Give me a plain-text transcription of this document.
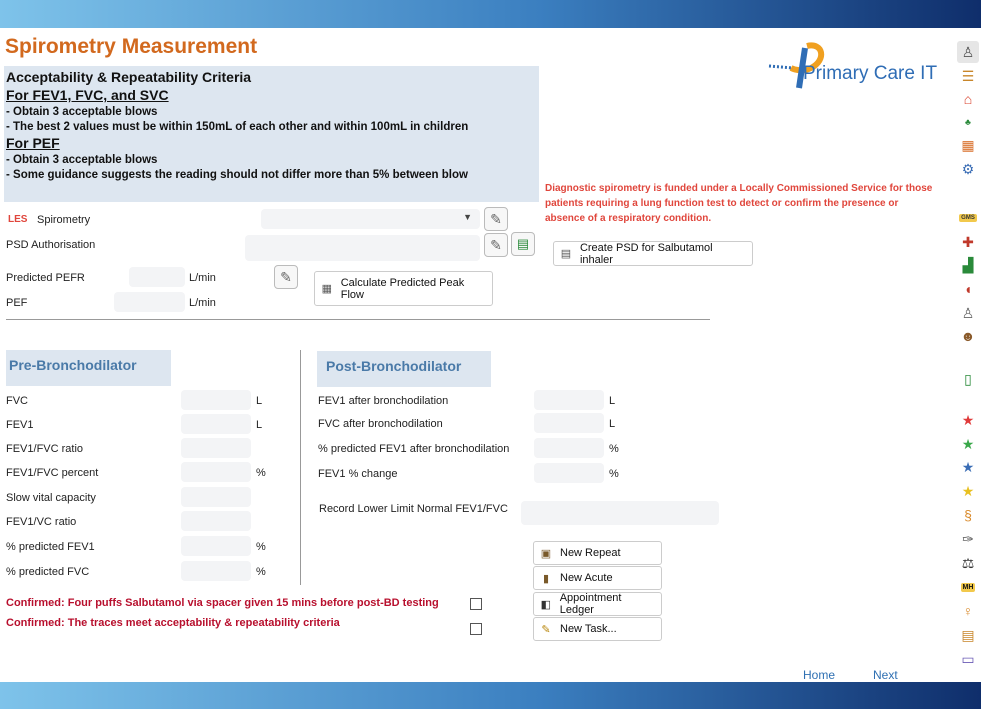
Spirometry Measurement
Primary Care IT
Acceptability & Repeatability Criteria
For FEV1, FVC, and SVC
- Obtain 3 acceptable blows
- The best 2 values must be within 150mL of each other and within 100mL in children
For PEF
- Obtain 3 acceptable blows
- Some guidance suggests the reading should not differ more than 5% between blow
Diagnostic spirometry is funded under a Locally Commissioned Service for those patients requiring a lung function test to detect or confirm the presence or absence of a respiratory condition.
LES Spirometry	▼ ✎
PSD Authorisation	✎ ▤
Predicted PEFR	L/min	✎
PEF	L/min
▦
Calculate Predicted Peak Flow
▤
Create PSD for Salbutamol inhaler
Pre-Bronchodilator
FVC	L
FEV1	L
FEV1/FVC ratio
FEV1/FVC percent	%
Slow vital capacity
FEV1/VC ratio
% predicted FEV1	%
% predicted FVC	%
Post-Bronchodilator
FEV1 after bronchodilation	L
FVC after bronchodilation	L
% predicted FEV1 after bronchodilation	%
FEV1 % change	%
Record Lower Limit Normal FEV1/FVC
Confirmed: Four puffs Salbutamol via spacer given 15 mins before post-BD testing
Confirmed: The traces meet acceptability & repeatability criteria
▣ New Repeat
▮ New Acute
◧
Appointment Ledger
✎ New Task...
Home	Next
♙
☰
⌂
♣
▦
⚙
GMS
✚
▟
◖
♙
☻
▯
★
★
★
★
§
✑
⚖
MH
♀
▤
▭
